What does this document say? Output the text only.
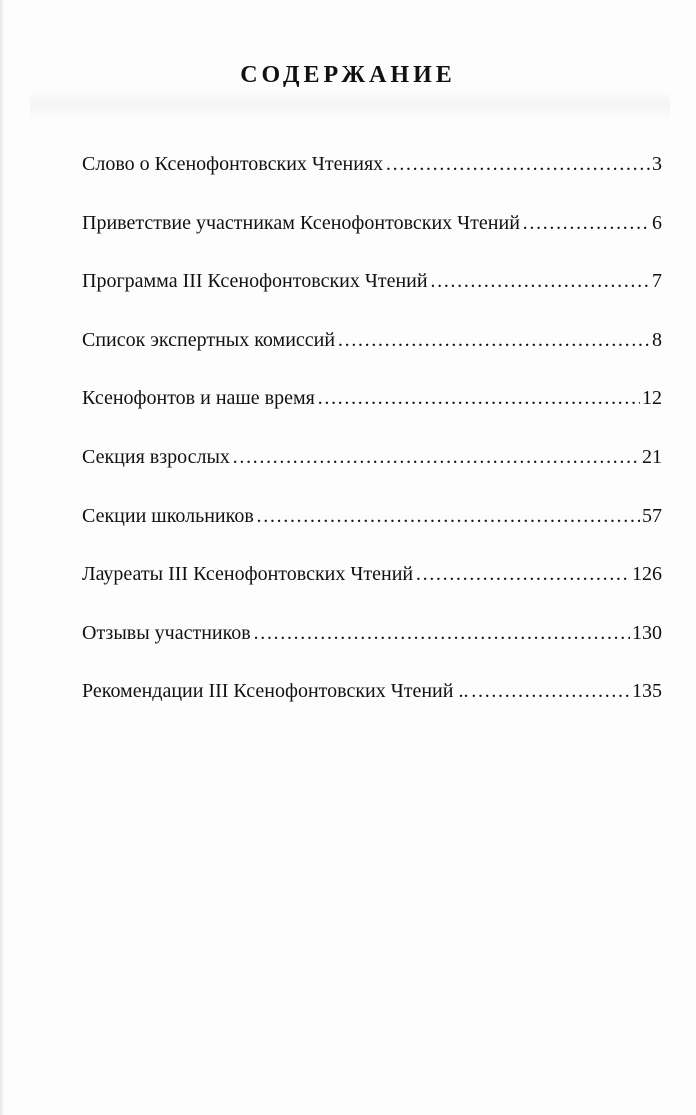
СОДЕРЖАНИЕ
Слово о Ксенофонтовских Чтениях ……………………………………………………………………………………………………………………………………………………	3
Приветствие участникам Ксенофонтовских Чтений ……………………………………………………………………………………………………………………………………………………	6
Программа III Ксенофонтовских Чтений ……………………………………………………………………………………………………………………………………………………	7
Список экспертных комиссий ……………………………………………………………………………………………………………………………………………………	8
Ксенофонтов и наше время ……………………………………………………………………………………………………………………………………………………	12
Секция взрослых ……………………………………………………………………………………………………………………………………………………	21
Секции школьников ……………………………………………………………………………………………………………………………………………………	57
Лауреаты III Ксенофонтовских Чтений ……………………………………………………………………………………………………………………………………………………	126
Отзывы участников ……………………………………………………………………………………………………………………………………………………	130
Рекомендации III Ксенофонтовских Чтений .. ……………………………………………………………………………………………………………………………………………………	135
